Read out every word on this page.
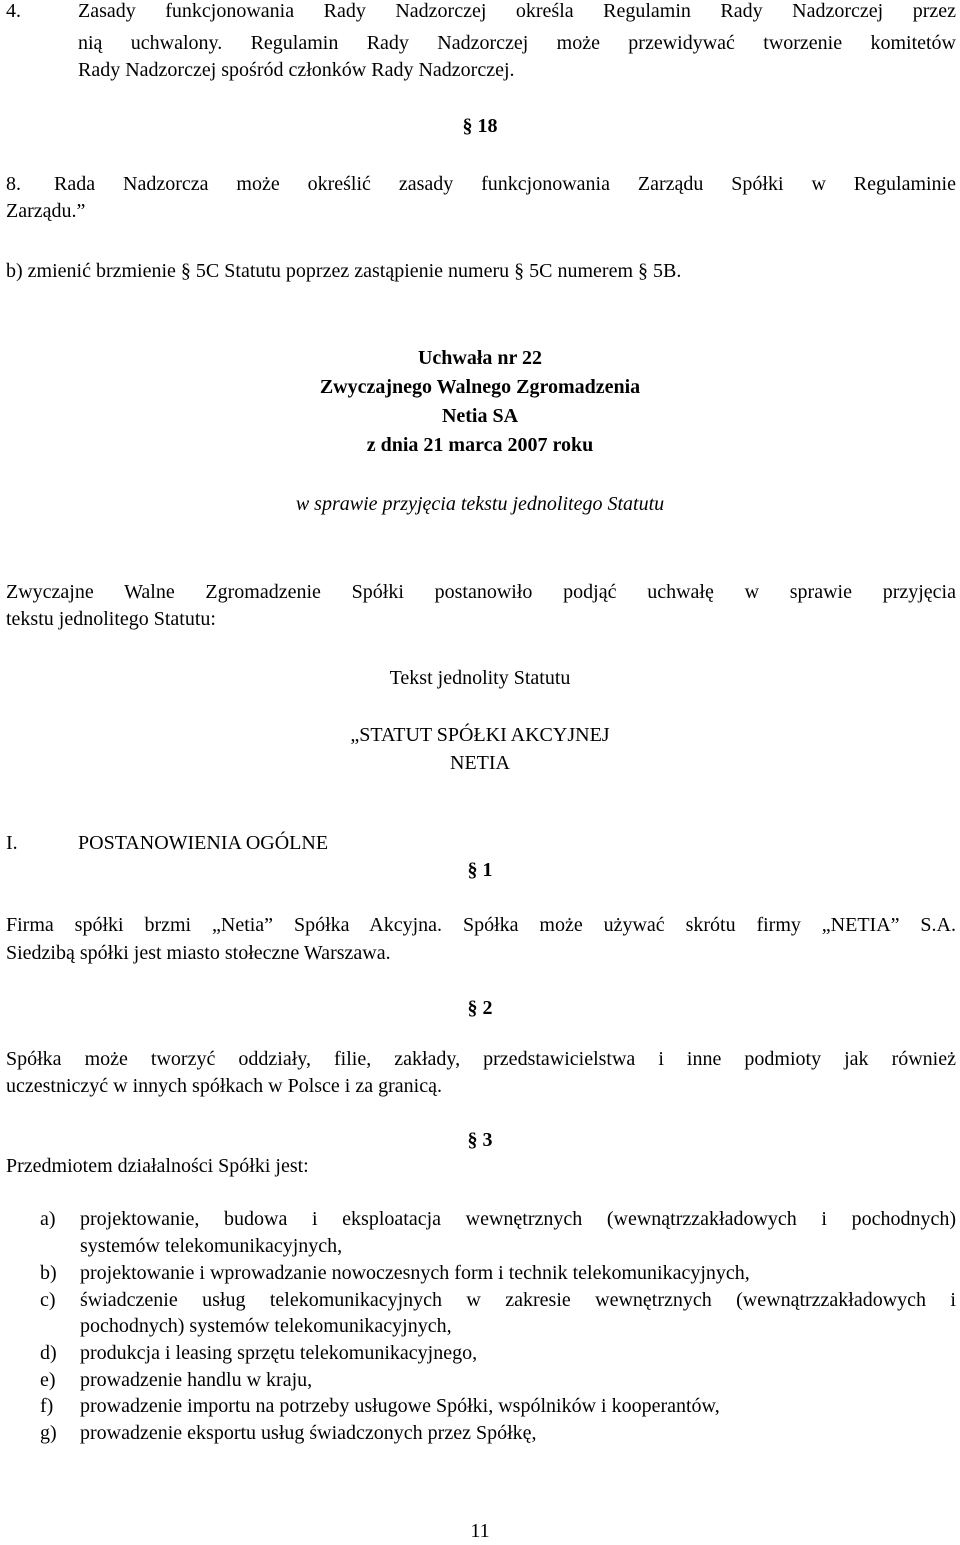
4.	Zasady funkcjonowania Rady Nadzorczej określa Regulamin Rady Nadzorczej przez
nią uchwalony. Regulamin Rady Nadzorczej może przewidywać tworzenie komitetów
Rady Nadzorczej spośród członków Rady Nadzorczej.
§ 18
8. Rada Nadzorcza może określić zasady funkcjonowania Zarządu Spółki w Regulaminie
Zarządu.”
b) zmienić brzmienie § 5C Statutu poprzez zastąpienie numeru § 5C numerem § 5B.
Uchwała nr 22
Zwyczajnego Walnego Zgromadzenia
Netia SA
z dnia 21 marca 2007 roku
w sprawie przyjęcia tekstu jednolitego Statutu
Zwyczajne Walne Zgromadzenie Spółki postanowiło podjąć uchwałę w sprawie przyjęcia
tekstu jednolitego Statutu:
Tekst jednolity Statutu
„STATUT SPÓŁKI AKCYJNEJ
NETIA
I.	POSTANOWIENIA OGÓLNE
§ 1
Firma spółki brzmi „Netia” Spółka Akcyjna. Spółka może używać skrótu firmy „NETIA” S.A.
Siedzibą spółki jest miasto stołeczne Warszawa.
§ 2
Spółka może tworzyć oddziały, filie, zakłady, przedstawicielstwa i inne podmioty jak również
uczestniczyć w innych spółkach w Polsce i za granicą.
§ 3
Przedmiotem działalności Spółki jest:
a) projektowanie, budowa i eksploatacja wewnętrznych (wewnątrzzakładowych i pochodnych)
systemów telekomunikacyjnych,
b) projektowanie i wprowadzanie nowoczesnych form i technik telekomunikacyjnych,
c) świadczenie usług telekomunikacyjnych w zakresie wewnętrznych (wewnątrzzakładowych i
pochodnych) systemów telekomunikacyjnych,
d) produkcja i leasing sprzętu telekomunikacyjnego,
e) prowadzenie handlu w kraju,
f) prowadzenie importu na potrzeby usługowe Spółki, wspólników i kooperantów,
g) prowadzenie eksportu usług świadczonych przez Spółkę,
11
